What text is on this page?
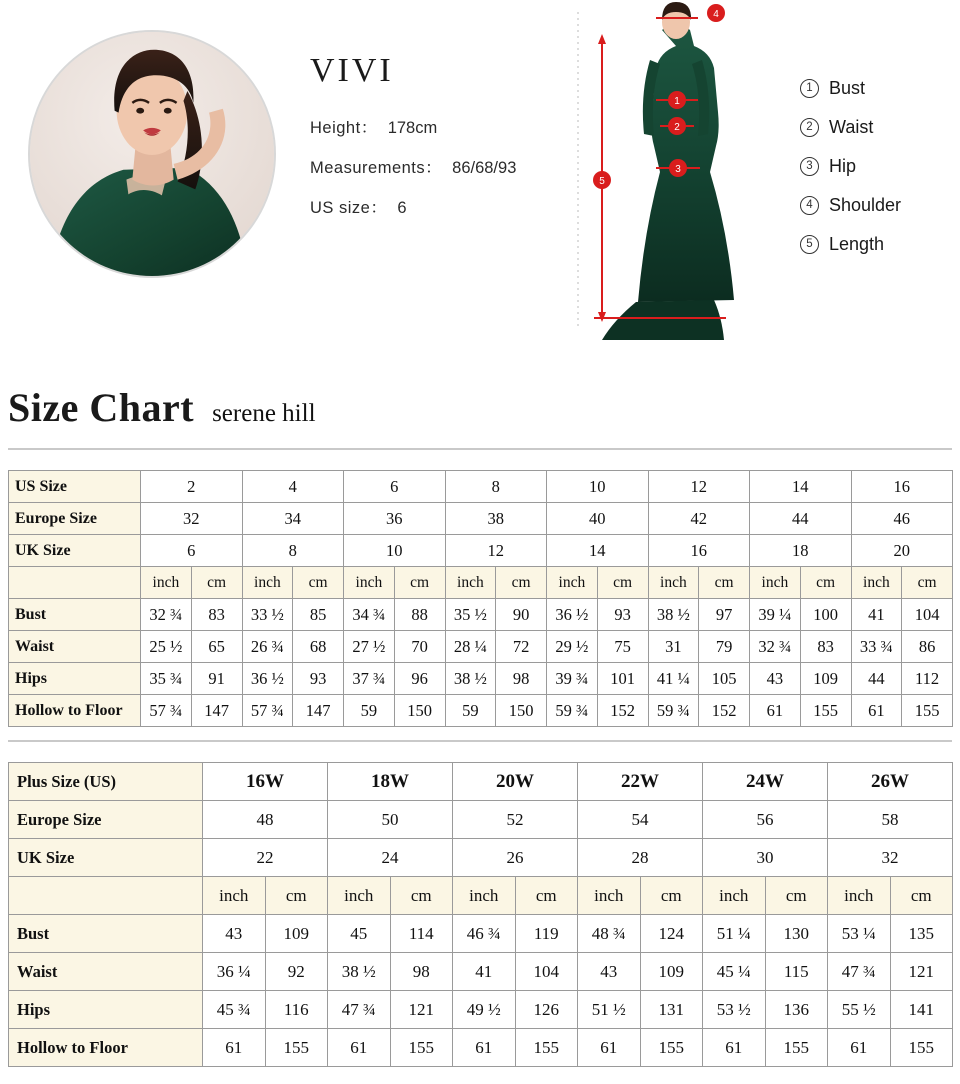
VIVI
Height： 178cm
Measurements： 86/68/93
US size： 6
1
2
3
4
5
1 Bust
2 Waist
3 Hip
4 Shoulder
5 Length
Size Chart serene hill
US Size	2		4		6		8		10		12		14		16	
Europe Size	32		34		36		38		40		42		44		46	
UK Size	6		8		10		12		14		16		18		20	
	inch	cm	inch	cm	inch	cm	inch	cm	inch	cm	inch	cm	inch	cm	inch	cm
Bust	32 ¾	83	33 ½	85	34 ¾	88	35 ½	90	36 ½	93	38 ½	97	39 ¼	100	41	104
Waist	25 ½	65	26 ¾	68	27 ½	70	28 ¼	72	29 ½	75	31	79	32 ¾	83	33 ¾	86
Hips	35 ¾	91	36 ½	93	37 ¾	96	38 ½	98	39 ¾	101	41 ¼	105	43	109	44	112
Hollow to Floor	57 ¾	147	57 ¾	147	59	150	59	150	59 ¾	152	59 ¾	152	61	155	61	155
Plus Size (US)	16W		18W		20W		22W		24W		26W	
Europe Size	48		50		52		54		56		58	
UK Size	22		24		26		28		30		32	
	inch	cm	inch	cm	inch	cm	inch	cm	inch	cm	inch	cm
Bust	43	109	45	114	46 ¾	119	48 ¾	124	51 ¼	130	53 ¼	135
Waist	36 ¼	92	38 ½	98	41	104	43	109	45 ¼	115	47 ¾	121
Hips	45 ¾	116	47 ¾	121	49 ½	126	51 ½	131	53 ½	136	55 ½	141
Hollow to Floor	61	155	61	155	61	155	61	155	61	155	61	155
